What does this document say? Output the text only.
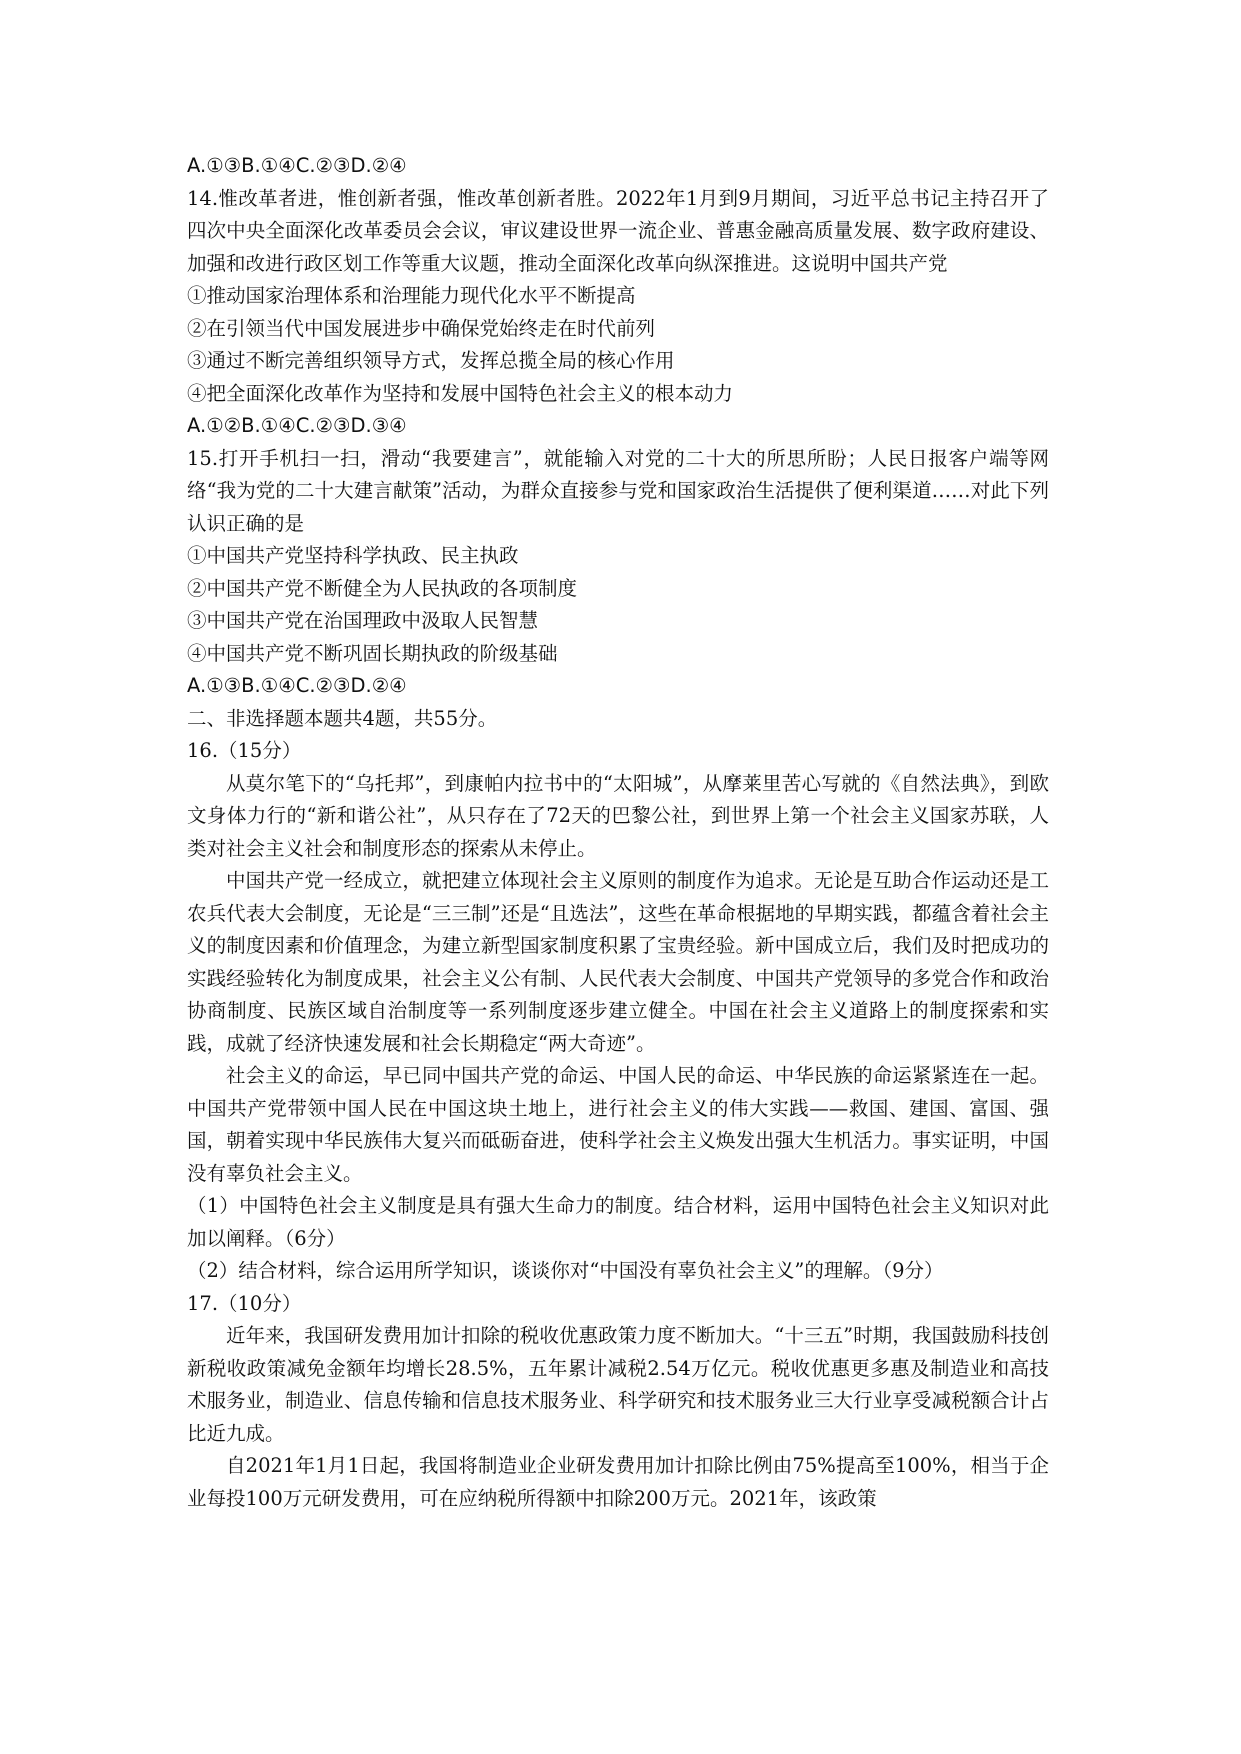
A.①③B.①④C.②③D.②④

14.惟改革者进，惟创新者强，惟改革创新者胜。2022年1月到9月期间，习近平总书记主持召开了四次中央全面深化改革委员会会议，审议建设世界一流企业、普惠金融高质量发展、数字政府建设、加强和改进行政区划工作等重大议题，推动全面深化改革向纵深推进。这说明中国共产党

①推动国家治理体系和治理能力现代化水平不断提高
②在引领当代中国发展进步中确保党始终走在时代前列
③通过不断完善组织领导方式，发挥总揽全局的核心作用
④把全面深化改革作为坚持和发展中国特色社会主义的根本动力
A.①②B.①④C.②③D.③④

15.打开手机扫一扫，滑动“我要建言”，就能输入对党的二十大的所思所盼；人民日报客户端等网络“我为党的二十大建言献策”活动，为群众直接参与党和国家政治生活提供了便利渠道……对此下列认识正确的是

①中国共产党坚持科学执政、民主执政
②中国共产党不断健全为人民执政的各项制度
③中国共产党在治国理政中汲取人民智慧
④中国共产党不断巩固长期执政的阶级基础
A.①③B.①④C.②③D.②④
二、非选择题本题共4题，共55分。
16.（15分）

从莫尔笔下的“乌托邦”，到康帕内拉书中的“太阳城”，从摩莱里苦心写就的《自然法典》，到欧文身体力行的“新和谐公社”，从只存在了72天的巴黎公社，到世界上第一个社会主义国家苏联，人类对社会主义社会和制度形态的探索从未停止。

中国共产党一经成立，就把建立体现社会主义原则的制度作为追求。无论是互助合作运动还是工农兵代表大会制度，无论是“三三制”还是“且选法”，这些在革命根据地的早期实践，都蕴含着社会主义的制度因素和价值理念，为建立新型国家制度积累了宝贵经验。新中国成立后，我们及时把成功的实践经验转化为制度成果，社会主义公有制、人民代表大会制度、中国共产党领导的多党合作和政治协商制度、民族区域自治制度等一系列制度逐步建立健全。中国在社会主义道路上的制度探索和实践，成就了经济快速发展和社会长期稳定“两大奇迹”。

社会主义的命运，早已同中国共产党的命运、中国人民的命运、中华民族的命运紧紧连在一起。中国共产党带领中国人民在中国这块土地上，进行社会主义的伟大实践——救国、建国、富国、强国，朝着实现中华民族伟大复兴而砥砺奋进，使科学社会主义焕发出强大生机活力。事实证明，中国没有辜负社会主义。

（1）中国特色社会主义制度是具有强大生命力的制度。结合材料，运用中国特色社会主义知识对此加以阐释。（6分）

（2）结合材料，综合运用所学知识，谈谈你对“中国没有辜负社会主义”的理解。（9分）

17.（10分）

近年来，我国研发费用加计扣除的税收优惠政策力度不断加大。“十三五”时期，我国鼓励科技创新税收政策减免金额年均增长28.5%，五年累计减税2.54万亿元。税收优惠更多惠及制造业和高技术服务业，制造业、信息传输和信息技术服务业、科学研究和技术服务业三大行业享受减税额合计占比近九成。

自2021年1月1日起，我国将制造业企业研发费用加计扣除比例由75%提高至100%，相当于企业每投100万元研发费用，可在应纳税所得额中扣除200万元。2021年，该政策
